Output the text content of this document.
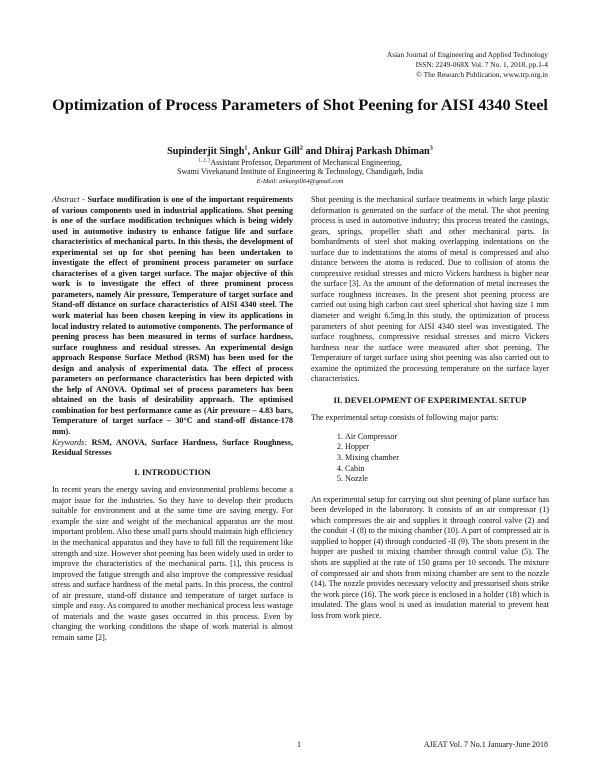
Asian Journal of Engineering and Applied Technology
ISSN: 2249-068X Vol. 7 No. 1, 2018, pp.1-4
© The Research Publication, www.trp.org.in
Optimization of Process Parameters of Shot Peening for AISI 4340 Steel
Supinderjit Singh$^1$, Ankur Gill$^2$ and Dhiraj Parkash Dhiman$^3$
$^{1, 2, 3}$Assistant Professor, Department of Mechanical Engineering,
Swami Vivekanand Institute of Engineering & Technology, Chandigarh, India
E-Mail: ankurgill64@gmail.com

Abstract - Surface modification is one of the important requirements of various components used in industrial applications. Shot peening is one of the surface modification techniques which is being widely used in automotive industry to enhance fatigue life and surface characteristics of mechanical parts. In this thesis, the development of experimental set up for shot peening has been undertaken to investigate the effect of prominent process parameter on surface characterises of a given target surface. The major objective of this work is to investigate the effect of three prominent process parameters, namely Air pressure, Temperature of target surface and Stand-off distance on surface characteristics of AISI 4340 steel. The work material has been chosen keeping in view its applications in local industry related to automotive components. The performance of peening process has been measured in terms of surface hardness, surface roughness and residual stresses. An experimental design approach Response Surface Method (RSM) has been used for the design and analysis of experimental data. The effect of process parameters on performance characteristics has been depicted with the help of ANOVA. Optimal set of process parameters has been obtained on the basis of desirability approach. The optimised combination for best performance came as (Air pressure – 4.83 bars, Temperature of target surface – 30°C and stand-off distance-178 mm).

Keywords: RSM, ANOVA, Surface Hardness, Surface Roughness, Residual Stresses

I. INTRODUCTION

In recent years the energy saving and environmental problems become a major issue for the industries. So they have to develop their products suitable for environment and at the same time are saving energy. For example the size and weight of the mechanical apparatus are the most important problem. Also these small parts should maintain high efficiency in the mechanical apparatus and they have to full fill the requirement like strength and size. However shot peening has been widely used in order to improve the characteristics of the mechanical parts. [1], this process is improved the fatigue strength and also improve the compressive residual stress and surface hardness of the metal parts. In this process, the control of air pressure, stand-off distance and temperature of target surface is simple and easy. As compared to another mechanical process less wastage of materials and the waste gases occurred in this process. Even by changing the working conditions the shape of work material is almost remain same [2].

Shot peening is the mechanical surface treatments in which large plastic deformation is generated on the surface of the metal. The shot peening process is used in automotive industry; this process treated the castings, gears, springs, propeller shaft and other mechanical parts. In bombardments of steel shot making overlapping indentations on the surface due to indentations the atoms of metal is compressed and also distance between the atoms is reduced. Due to collision of atoms the compressive residual stresses and micro Vickers hardness is higher near the surface [3]. As the amount of the deformation of metal increases the surface roughness increases. In the present shot peening process are carried out using high carbon cast steel spherical shot having size 1 mm diameter and weight 6.5mg.In this study, the optimization of process parameters of shot peening for AISI 4340 steel was investigated. The surface roughness, compressive residual stresses and micro Vickers hardness near the surface were measured after shot peening. The Temperature of target surface using shot peening was also carried out to examine the optimized the processing temperature on the surface layer characteristics.

II. DEVELOPMENT OF EXPERIMENTAL SETUP

The experimental setup consists of following major parts:

1. Air Compressor
2. Hopper
3. Mixing chamber
4. Cabin
5. Nozzle

An experimental setup for carrying out shot peening of plane surface has been developed in the laboratory. It consists of an air compressor (1) which compresses the air and supplies it through control valve (2) and the conduit -I (8) to the mixing chamber (10). A part of compressed air is supplied to hopper (4) through conducted -II (9). The shots present in the hopper are pushed to mixing chamber through control value (5). The shots are supplied at the rate of 150 grams per 10 seconds. The mixture of compressed air and shots from mixing chamber are sent to the nozzle (14). The nozzle provides necessary velocity and pressurised shots strike the work piece (16). The work piece is enclosed in a holder (18) which is insulated. The glass wool is used as insulation material to prevent heat loss from work piece.

1	AJEAT Vol. 7 No.1 January-June 2018
